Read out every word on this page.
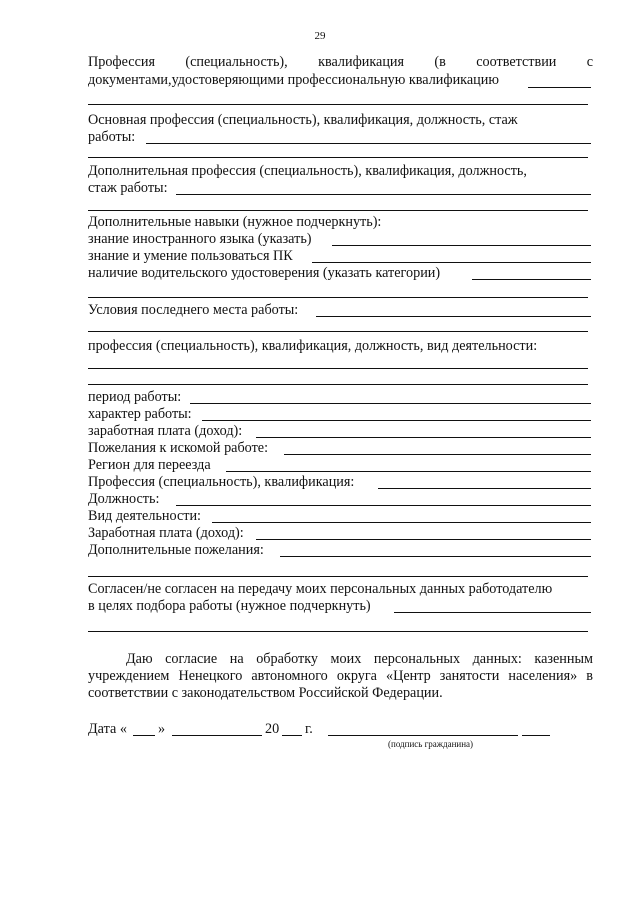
29
Профессия (специальность), квалификация (в соответствии с
документами,удостоверяющими профессиональную квалификацию
Основная профессия (специальность), квалификация, должность, стаж
работы:
Дополнительная профессия (специальность), квалификация, должность,
стаж работы:
Дополнительные навыки (нужное подчеркнуть):
знание иностранного языка (указать)
знание и умение пользоваться ПК
наличие водительского удостоверения (указать категории)
Условия последнего места работы:
профессия (специальность), квалификация, должность, вид деятельности:
период работы:
характер работы:
заработная плата (доход):
Пожелания к искомой работе:
Регион для переезда
Профессия (специальность), квалификация:
Должность:
Вид деятельности:
Заработная плата (доход):
Дополнительные пожелания:
Согласен/не согласен на передачу моих персональных данных работодателю
в целях подбора работы (нужное подчеркнуть)
Даю согласие на обработку моих персональных данных: казенным
учреждением Ненецкого автономного округа «Центр занятости населения» в
соответствии с законодательством Российской Федерации.
Дата « »	20 г.
(подпись гражданина)
